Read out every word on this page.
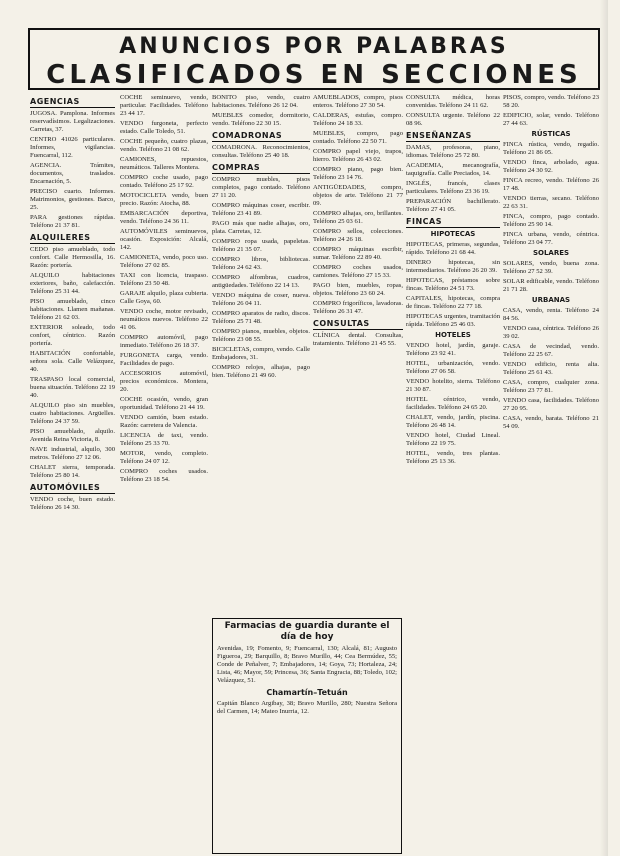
ANUNCIOS POR PALABRAS
CLASIFICADOS EN SECCIONES
AGENCIAS

JUGOSA. Pamplona. Informes reservadísimos. Legalizaciones. Carretas, 37.

CENTRO 41026 particulares. Informes, vigilancias. Fuencarral, 112.

AGENCIA. Trámites, documentos, traslados. Encarnación, 5.

PRECISO cuarto. Informes. Matrimonios, gestiones. Barco, 25.

PARA gestiones rápidas. Teléfono 21 37 81.

ALQUILERES

CEDO piso amueblado, todo confort. Calle Hermosilla, 16. Razón: portería.

ALQUILO habitaciones exteriores, baño, calefacción. Teléfono 25 31 44.

PISO amueblado, cinco habitaciones. Llamen mañanas. Teléfono 21 62 03.

EXTERIOR soleado, todo confort, céntrico. Razón portería.

HABITACIÓN confortable, señora sola. Calle Velázquez, 40.

TRASPASO local comercial, buena situación. Teléfono 22 19 40.

ALQUILO piso sin muebles, cuatro habitaciones. Argüelles. Teléfono 24 37 59.

PISO amueblado, alquilo. Avenida Reina Victoria, 8.

NAVE industrial, alquilo, 300 metros. Teléfono 27 12 06.

CHALET sierra, temporada. Teléfono 25 80 14.

AUTOMÓVILES

VENDO coche, buen estado. Teléfono 26 14 30.

COCHE seminuevo, vendo, particular. Facilidades. Teléfono 23 44 17.

VENDO furgoneta, perfecto estado. Calle Toledo, 51.

COCHE pequeño, cuatro plazas, vendo. Teléfono 21 08 62.

CAMIONES, repuestos, neumáticos. Talleres Montera.

COMPRO coche usado, pago contado. Teléfono 25 17 92.

MOTOCICLETA vendo, buen precio. Razón: Atocha, 88.

EMBARCACIÓN deportiva, vendo. Teléfono 24 36 11.

AUTOMÓVILES seminuevos, ocasión. Exposición: Alcalá, 142.

CAMIONETA, vendo, poco uso. Teléfono 27 02 85.

TAXI con licencia, traspaso. Teléfono 23 50 48.

GARAJE alquilo, plaza cubierta. Calle Goya, 60.

VENDO coche, motor revisado, neumáticos nuevos. Teléfono 22 41 06.

COMPRO automóvil, pago inmediato. Teléfono 26 18 37.

FURGONETA carga, vendo. Facilidades de pago.

ACCESORIOS automóvil, precios económicos. Montera, 20.

COCHE ocasión, vendo, gran oportunidad. Teléfono 21 44 19.

VENDO camión, buen estado. Razón: carretera de Valencia.

LICENCIA de taxi, vendo. Teléfono 25 33 70.

MOTOR, vendo, completo. Teléfono 24 07 12.

COMPRO coches usados. Teléfono 23 18 54.

BONITO piso, vendo, cuatro habitaciones. Teléfono 26 12 04.

MUEBLES comedor, dormitorio, vendo. Teléfono 22 30 15.

COMADRONAS

COMADRONA. Reconocimientos, consultas. Teléfono 25 40 18.

COMPRAS

COMPRO muebles, pisos completos, pago contado. Teléfono 27 11 20.

COMPRO máquinas coser, escribir. Teléfono 23 41 89.

PAGO más que nadie alhajas, oro, plata. Carretas, 12.

COMPRO ropa usada, papeletas. Teléfono 21 35 07.

COMPRO libros, bibliotecas. Teléfono 24 62 43.

COMPRO alfombras, cuadros, antigüedades. Teléfono 22 14 13.

VENDO máquina de coser, nueva. Teléfono 26 04 11.

COMPRO aparatos de radio, discos. Teléfono 25 71 48.

COMPRO pianos, muebles, objetos. Teléfono 23 08 55.

BICICLETAS, compro, vendo. Calle Embajadores, 31.

COMPRO relojes, alhajas, pago bien. Teléfono 21 49 60.

AMUEBLADOS, compro, pisos enteros. Teléfono 27 30 54.

CALDERAS, estufas, compro. Teléfono 24 18 33.

MUEBLES, compro, pago contado. Teléfono 22 50 71.

COMPRO papel viejo, trapos, hierro. Teléfono 26 43 02.

COMPRO piano, pago bien. Teléfono 23 14 76.

ANTIGÜEDADES, compro, objetos de arte. Teléfono 21 77 09.

COMPRO alhajas, oro, brillantes. Teléfono 25 03 61.

COMPRO sellos, colecciones. Teléfono 24 26 18.

COMPRO máquinas escribir, sumar. Teléfono 22 89 40.

COMPRO coches usados, camiones. Teléfono 27 15 33.

PAGO bien, muebles, ropas, objetos. Teléfono 23 60 24.

COMPRO frigoríficos, lavadoras. Teléfono 26 31 47.

CONSULTAS

CLÍNICA dental. Consultas, tratamiento. Teléfono 21 45 55.

CONSULTA médica, horas convenidas. Teléfono 24 11 62.

CONSULTA urgente. Teléfono 22 08 96.

ENSEÑANZAS

DAMAS, profesoras, piano, idiomas. Teléfono 25 72 80.

ACADEMIA, mecanografía, taquigrafía. Calle Preciados, 14.

INGLÉS, francés, clases particulares. Teléfono 23 36 19.

PREPARACIÓN bachillerato. Teléfono 27 41 05.

FINCAS
HIPOTECAS

HIPOTECAS, primeras, segundas, rápido. Teléfono 21 68 44.

DINERO hipotecas, sin intermediarios. Teléfono 26 20 39.

HIPOTECAS, préstamos sobre fincas. Teléfono 24 51 73.

CAPITALES, hipotecas, compra de fincas. Teléfono 22 77 18.

HIPOTECAS urgentes, tramitación rápida. Teléfono 25 46 03.

HOTELES

VENDO hotel, jardín, garaje. Teléfono 23 92 41.

HOTEL, urbanización, vendo. Teléfono 27 06 58.

VENDO hotelito, sierra. Teléfono 21 30 87.

HOTEL céntrico, vendo, facilidades. Teléfono 24 65 20.

CHALET, vendo, jardín, piscina. Teléfono 26 48 14.

VENDO hotel, Ciudad Lineal. Teléfono 22 19 75.

HOTEL, vendo, tres plantas. Teléfono 25 13 36.

PISOS, compro, vendo. Teléfono 23 58 20.

EDIFICIO, solar, vendo. Teléfono 27 44 63.

RÚSTICAS

FINCA rústica, vendo, regadío. Teléfono 21 86 05.

VENDO finca, arbolado, agua. Teléfono 24 30 92.

FINCA recreo, vendo. Teléfono 26 17 48.

VENDO tierras, secano. Teléfono 22 63 31.

FINCA, compro, pago contado. Teléfono 25 90 14.

FINCA urbana, vendo, céntrica. Teléfono 23 04 77.

SOLARES

SOLARES, vendo, buena zona. Teléfono 27 52 39.

SOLAR edificable, vendo. Teléfono 21 71 28.

URBANAS

CASA, vendo, renta. Teléfono 24 84 56.

VENDO casa, céntrica. Teléfono 26 39 02.

CASA de vecindad, vendo. Teléfono 22 25 67.

VENDO edificio, renta alta. Teléfono 25 61 43.

CASA, compro, cualquier zona. Teléfono 23 77 81.

VENDO casa, facilidades. Teléfono 27 20 95.

CASA, vendo, barata. Teléfono 21 54 09.

Farmacias de guardia durante el día de hoy

Avenidas, 19; Fomento, 9; Fuencarral, 130; Alcalá, 81; Augusto Figueroa, 29; Barquillo, 8; Bravo Murillo, 44; Cea Bermúdez, 55; Conde de Peñalver, 7; Embajadores, 14; Goya, 73; Hortaleza, 24; Lista, 46; Mayor, 59; Princesa, 36; Santa Engracia, 88; Toledo, 102; Velázquez, 51.

Chamartín–Tetuán

Capitán Blanco Argibay, 38; Bravo Murillo, 280; Nuestra Señora del Carmen, 14; Mateo Inurria, 12.
